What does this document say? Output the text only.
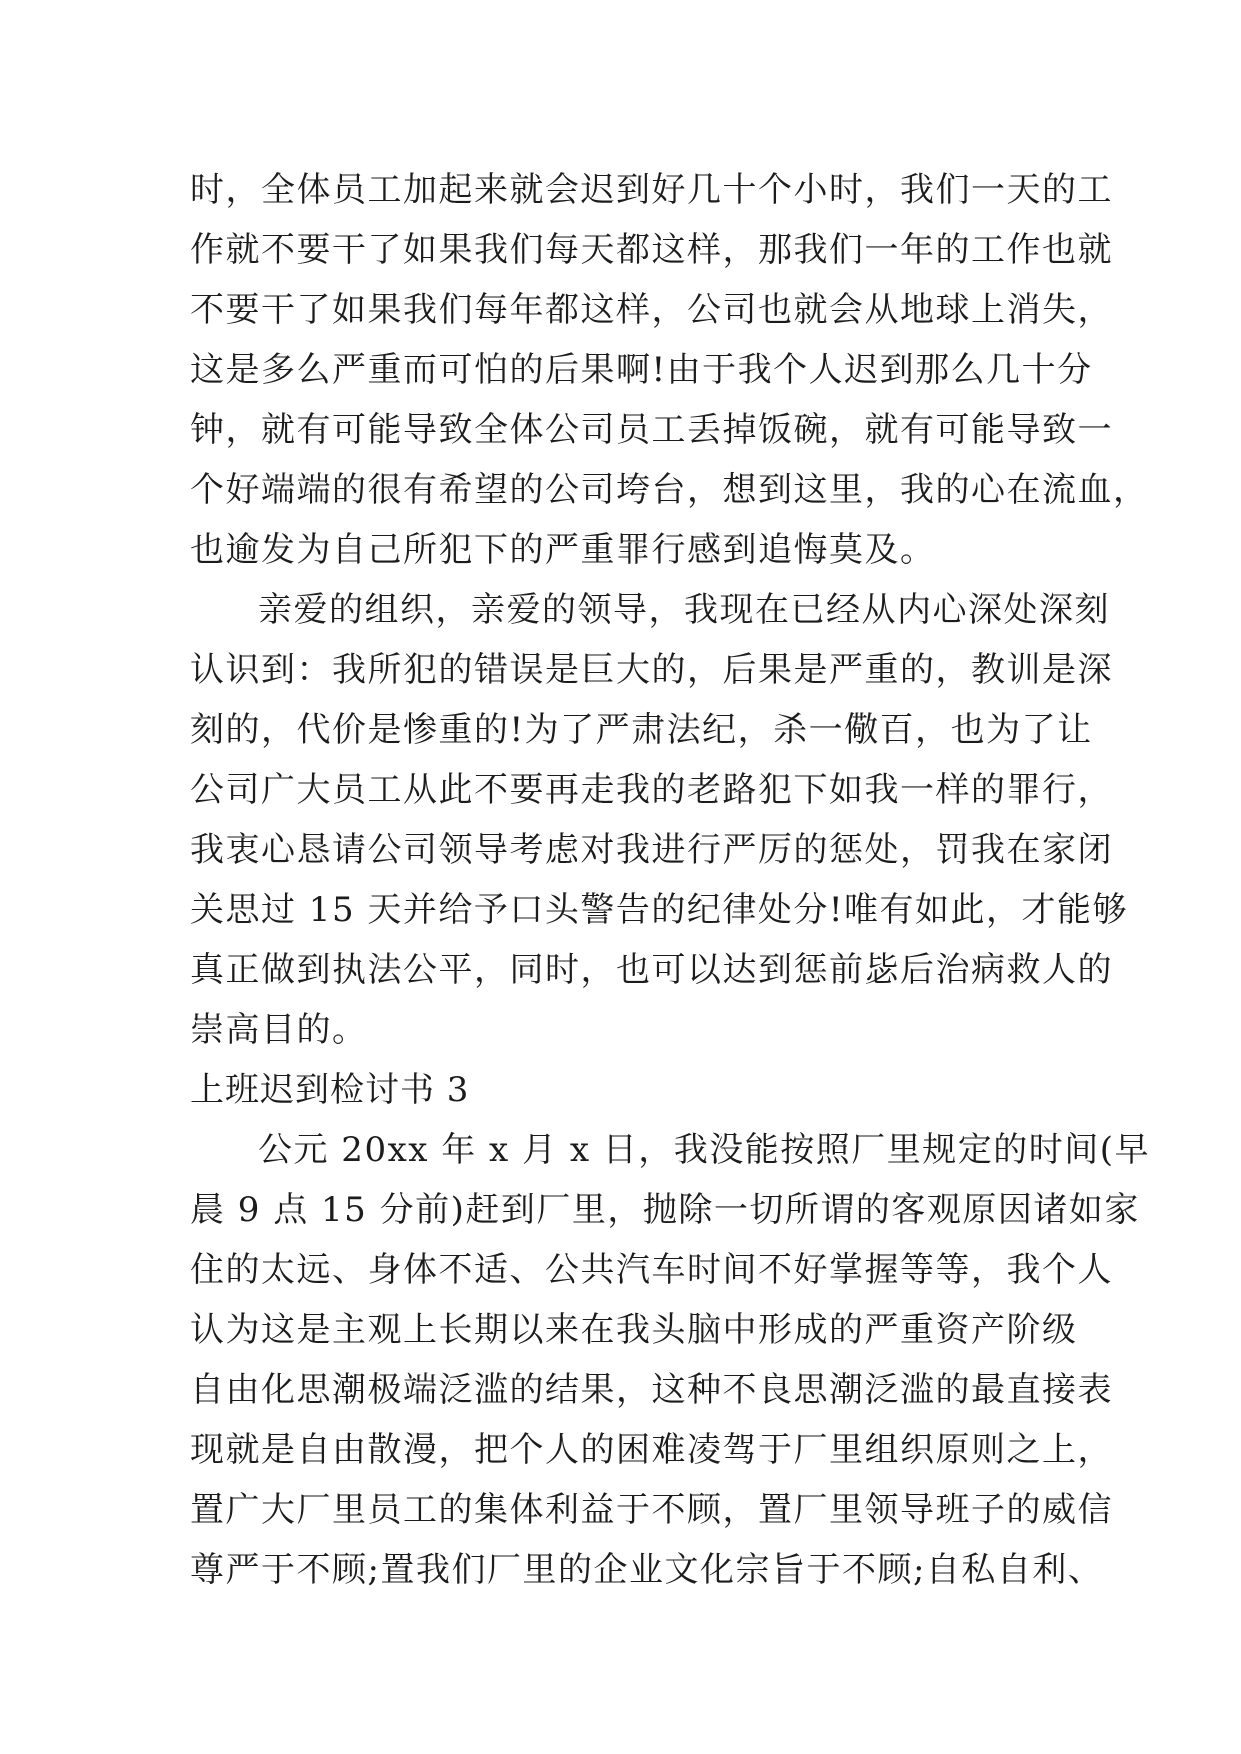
时，全体员工加起来就会迟到好几十个小时，我们一天的工
作就不要干了如果我们每天都这样，那我们一年的工作也就
不要干了如果我们每年都这样，公司也就会从地球上消失，
这是多么严重而可怕的后果啊!由于我个人迟到那么几十分
钟，就有可能导致全体公司员工丢掉饭碗，就有可能导致一
个好端端的很有希望的公司垮台，想到这里，我的心在流血，
也逾发为自己所犯下的严重罪行感到追悔莫及。
亲爱的组织，亲爱的领导，我现在已经从内心深处深刻
认识到：我所犯的错误是巨大的，后果是严重的，教训是深
刻的，代价是惨重的!为了严肃法纪，杀一儆百，也为了让
公司广大员工从此不要再走我的老路犯下如我一样的罪行，
我衷心恳请公司领导考虑对我进行严厉的惩处，罚我在家闭
关思过 15 天并给予口头警告的纪律处分!唯有如此，才能够
真正做到执法公平，同时，也可以达到惩前毖后治病救人的
崇高目的。
上班迟到检讨书 3
公元 20xx 年 x 月 x 日，我没能按照厂里规定的时间(早
晨 9 点 15 分前)赶到厂里，抛除一切所谓的客观原因诸如家
住的太远、身体不适、公共汽车时间不好掌握等等，我个人
认为这是主观上长期以来在我头脑中形成的严重资产阶级
自由化思潮极端泛滥的结果，这种不良思潮泛滥的最直接表
现就是自由散漫，把个人的困难凌驾于厂里组织原则之上，
置广大厂里员工的集体利益于不顾，置厂里领导班子的威信
尊严于不顾;置我们厂里的企业文化宗旨于不顾;自私自利、
